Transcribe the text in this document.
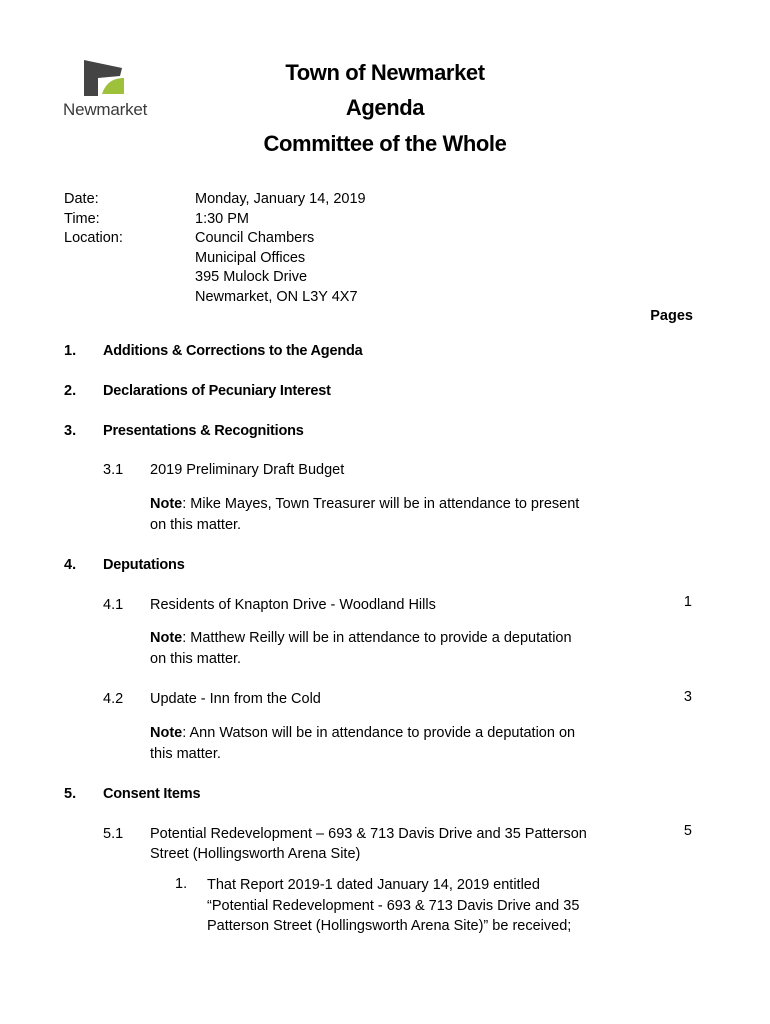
Newmarket
Town of Newmarket
Agenda
Committee of the Whole
Date:
Time:
Location:
Monday, January 14, 2019
1:30 PM
Council Chambers
Municipal Offices
395 Mulock Drive
Newmarket, ON L3Y 4X7
Pages
1. Additions & Corrections to the Agenda
2. Declarations of Pecuniary Interest
3. Presentations & Recognitions
3.1 2019 Preliminary Draft Budget
Note: Mike Mayes, Town Treasurer will be in attendance to present
on this matter.
4. Deputations
4.1 Residents of Knapton Drive - Woodland Hills	1
Note: Matthew Reilly will be in attendance to provide a deputation
on this matter.
4.2 Update - Inn from the Cold	3
Note: Ann Watson will be in attendance to provide a deputation on
this matter.
5. Consent Items
5.1 Potential Redevelopment – 693 & 713 Davis Drive and 35 Patterson
Street (Hollingsworth Arena Site)
5
1. That Report 2019-1 dated January 14, 2019 entitled
“Potential Redevelopment - 693 & 713 Davis Drive and 35
Patterson Street (Hollingsworth Arena Site)” be received;
